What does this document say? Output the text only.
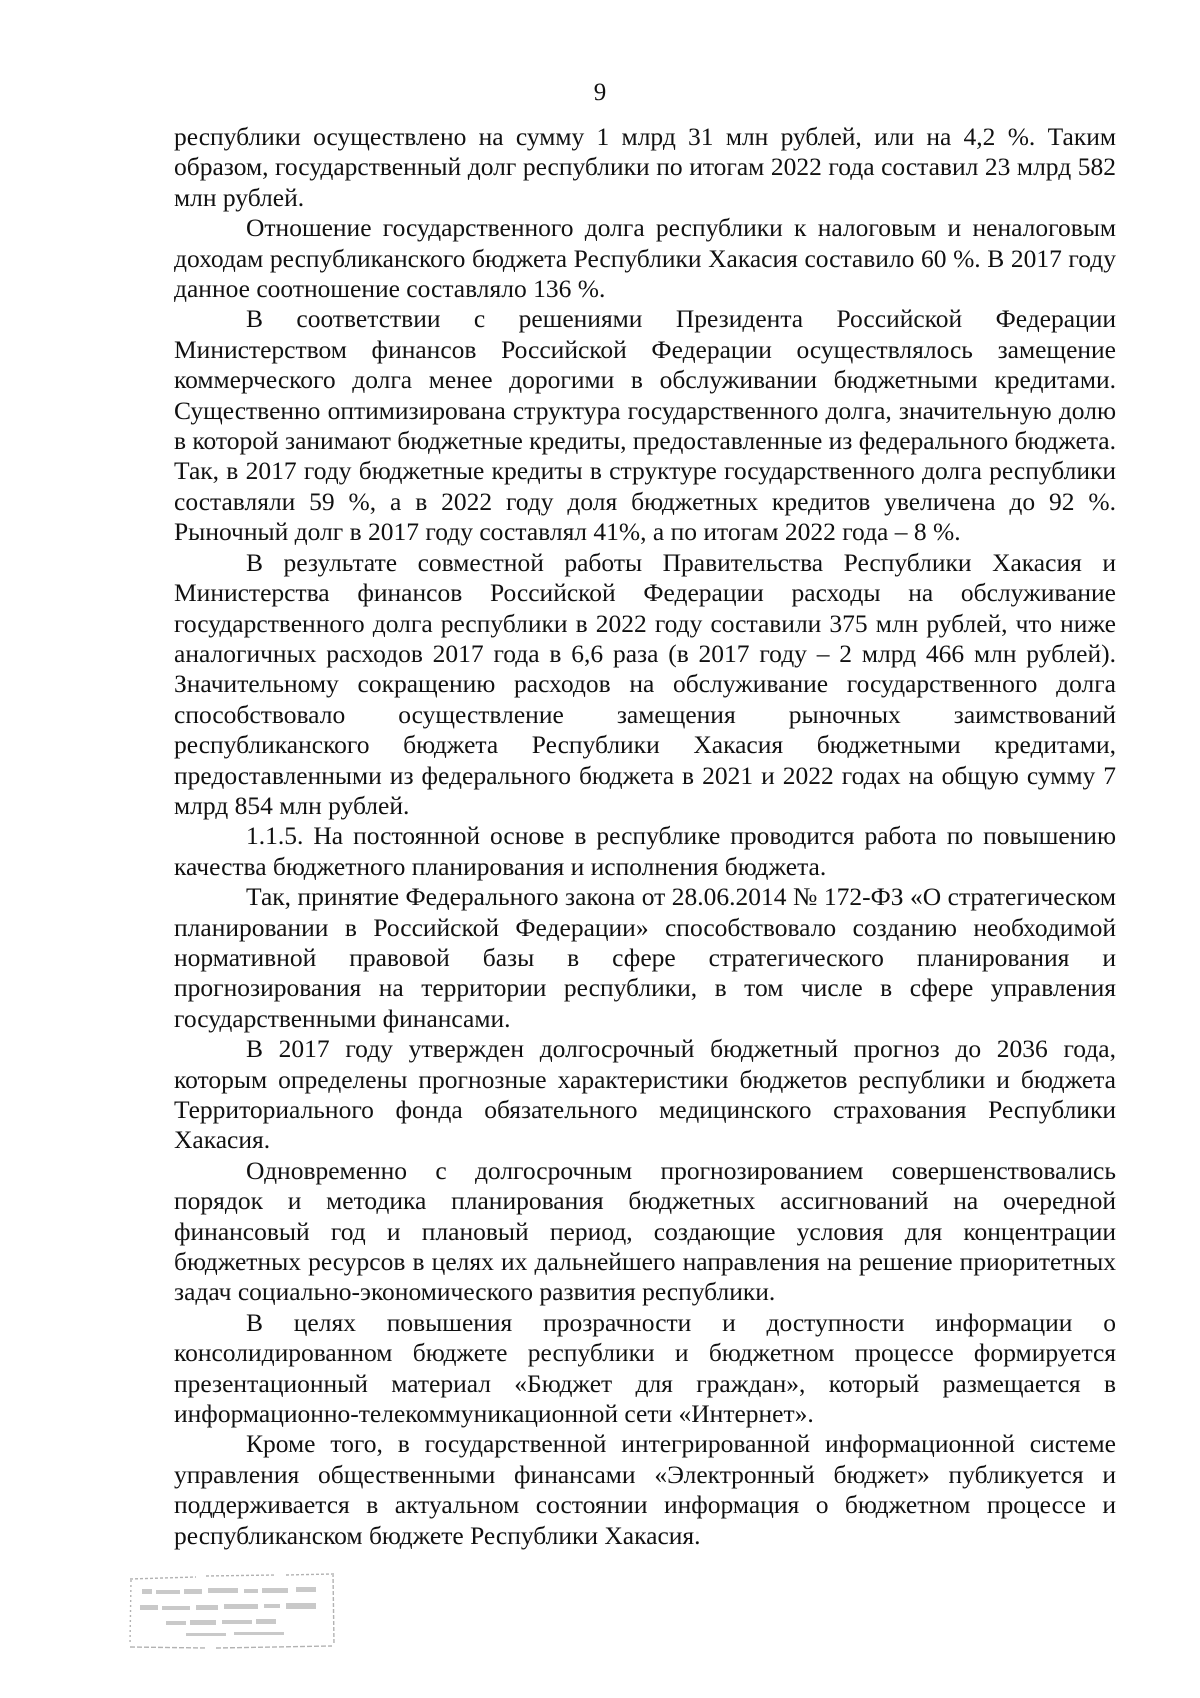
9

республики осуществлено на сумму 1 млрд 31 млн рублей, или на 4,2 %. Таким образом, государственный долг республики по итогам 2022 года составил 23 млрд 582 млн рублей.

Отношение государственного долга республики к налоговым и неналоговым доходам республиканского бюджета Республики Хакасия составило 60 %. В 2017 году данное соотношение составляло 136 %.

В соответствии с решениями Президента Российской Федерации Министерством финансов Российской Федерации осуществлялось замещение коммерческого долга менее дорогими в обслуживании бюджетными кредитами. Существенно оптимизирована структура государственного долга, значительную долю в которой занимают бюджетные кредиты, предоставленные из федерального бюджета. Так, в 2017 году бюджетные кредиты в структуре государственного долга республики составляли 59 %, а в 2022 году доля бюджетных кредитов увеличена до 92 %. Рыночный долг в 2017 году составлял 41%, а по итогам 2022 года – 8 %.

В результате совместной работы Правительства Республики Хакасия и Министерства финансов Российской Федерации расходы на обслуживание государственного долга республики в 2022 году составили 375 млн рублей, что ниже аналогичных расходов 2017 года в 6,6 раза (в 2017 году – 2 млрд 466 млн рублей). Значительному сокращению расходов на обслуживание государственного долга способствовало осуществление замещения рыночных заимствований республиканского бюджета Республики Хакасия бюджетными кредитами, предоставленными из федерального бюджета в 2021 и 2022 годах на общую сумму 7 млрд 854 млн рублей.

1.1.5. На постоянной основе в республике проводится работа по повышению качества бюджетного планирования и исполнения бюджета.

Так, принятие Федерального закона от 28.06.2014 № 172-ФЗ «О стратегическом планировании в Российской Федерации» способствовало созданию необходимой нормативной правовой базы в сфере стратегического планирования и прогнозирования на территории республики, в том числе в сфере управления государственными финансами.

В 2017 году утвержден долгосрочный бюджетный прогноз до 2036 года, которым определены прогнозные характеристики бюджетов республики и бюджета Территориального фонда обязательного медицинского страхования Республики Хакасия.

Одновременно с долгосрочным прогнозированием совершенствовались порядок и методика планирования бюджетных ассигнований на очередной финансовый год и плановый период, создающие условия для концентрации бюджетных ресурсов в целях их дальнейшего направления на решение приоритетных задач социально-экономического развития республики.

В целях повышения прозрачности и доступности информации о консолидированном бюджете республики и бюджетном процессе формируется презентационный материал «Бюджет для граждан», который размещается в информационно-телекоммуникационной сети «Интернет».

Кроме того, в государственной интегрированной информационной системе управления общественными финансами «Электронный бюджет» публикуется и поддерживается в актуальном состоянии информация о бюджетном процессе и республиканском бюджете Республики Хакасия.
